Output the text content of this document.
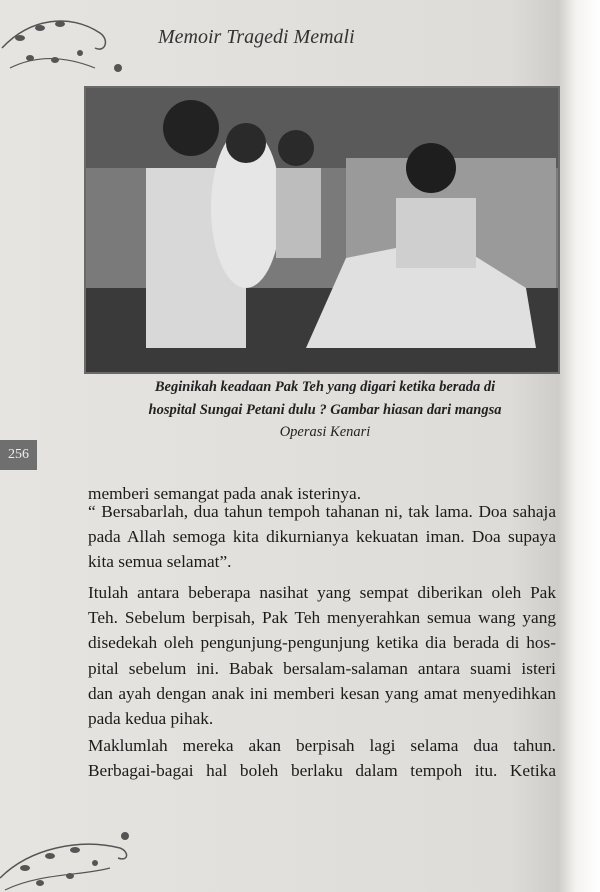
Memoir Tragedi Memali
Beginikah keadaan Pak Teh yang digari ketika berada di
hospital Sungai Petani dulu ? Gambar hiasan dari mangsa
Operasi Kenari
256
memberi semangat pada anak isterinya.
“ Bersabarlah, dua tahun tempoh tahanan ni, tak lama. Doa sahaja
pada Allah semoga kita dikurnianya kekuatan iman. Doa supaya
kita semua selamat”.
Itulah antara beberapa nasihat yang sempat diberikan oleh Pak
Teh. Sebelum berpisah, Pak Teh menyerahkan semua wang yang
disedekah oleh pengunjung-pengunjung ketika dia berada di hos-
pital sebelum ini. Babak bersalam-salaman antara suami isteri
dan ayah dengan anak ini memberi kesan yang amat menyedihkan
pada kedua pihak.
Maklumlah mereka akan berpisah lagi selama dua tahun.
Berbagai-bagai hal boleh berlaku dalam tempoh itu. Ketika
